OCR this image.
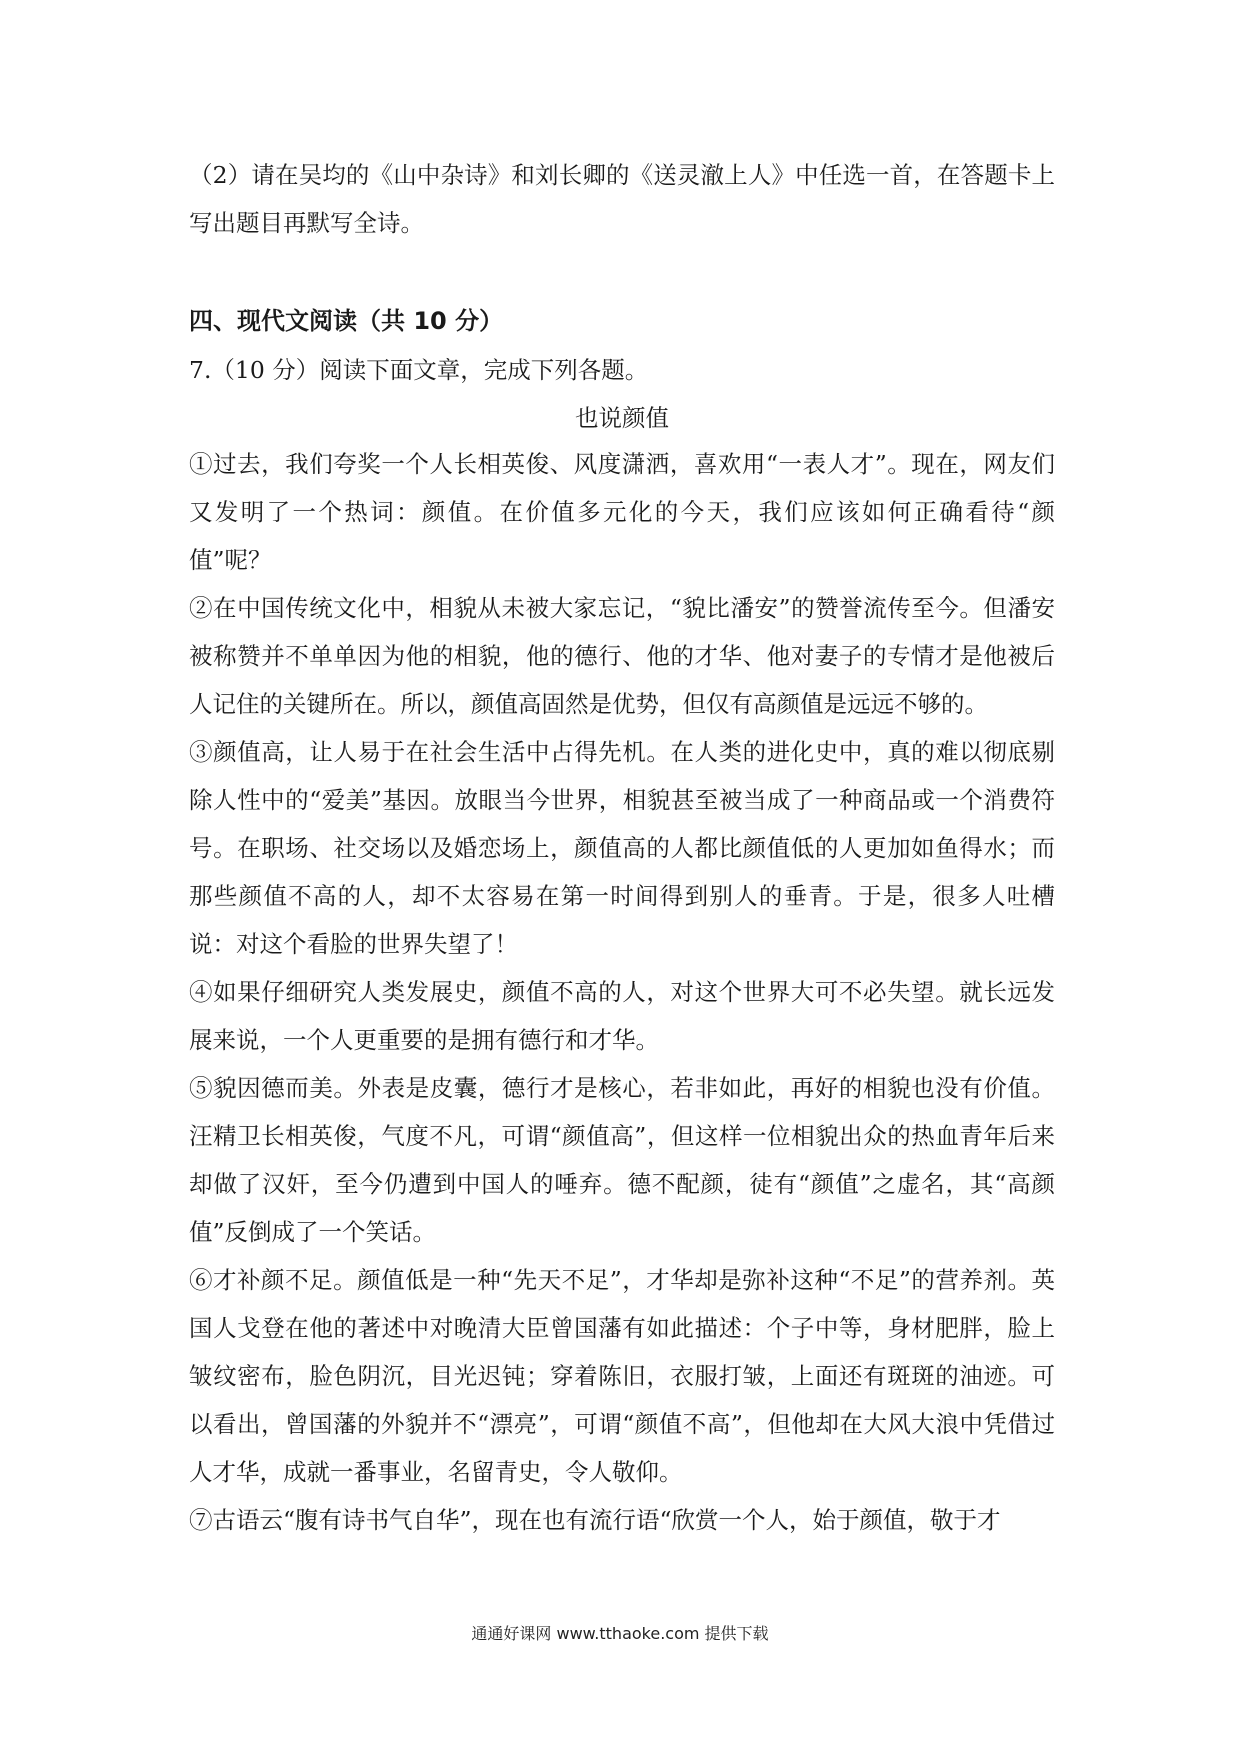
（2）请在吴均的《山中杂诗》和刘长卿的《送灵澈上人》中任选一首，在答题卡上写出题目再默写全诗。

四、现代文阅读（共 10 分）

7.（10 分）阅读下面文章，完成下列各题。

也说颜值

①过去，我们夸奖一个人长相英俊、风度潇洒，喜欢用“一表人才”。现在，网友们又发明了一个热词：颜值。在价值多元化的今天，我们应该如何正确看待“颜值”呢？

②在中国传统文化中，相貌从未被大家忘记，“貌比潘安”的赞誉流传至今。但潘安被称赞并不单单因为他的相貌，他的德行、他的才华、他对妻子的专情才是他被后人记住的关键所在。所以，颜值高固然是优势，但仅有高颜值是远远不够的。

③颜值高，让人易于在社会生活中占得先机。在人类的进化史中，真的难以彻底剔除人性中的“爱美”基因。放眼当今世界，相貌甚至被当成了一种商品或一个消费符号。在职场、社交场以及婚恋场上，颜值高的人都比颜值低的人更加如鱼得水；而那些颜值不高的人，却不太容易在第一时间得到别人的垂青。于是，很多人吐槽说：对这个看脸的世界失望了！

④如果仔细研究人类发展史，颜值不高的人，对这个世界大可不必失望。就长远发展来说，一个人更重要的是拥有德行和才华。

⑤貌因德而美。外表是皮囊，德行才是核心，若非如此，再好的相貌也没有价值。汪精卫长相英俊，气度不凡，可谓“颜值高”，但这样一位相貌出众的热血青年后来却做了汉奸，至今仍遭到中国人的唾弃。德不配颜，徒有“颜值”之虚名，其“高颜值”反倒成了一个笑话。

⑥才补颜不足。颜值低是一种“先天不足”，才华却是弥补这种“不足”的营养剂。英国人戈登在他的著述中对晚清大臣曾国藩有如此描述：个子中等，身材肥胖，脸上皱纹密布，脸色阴沉，目光迟钝；穿着陈旧，衣服打皱，上面还有斑斑的油迹。可以看出，曾国藩的外貌并不“漂亮”，可谓“颜值不高”，但他却在大风大浪中凭借过人才华，成就一番事业，名留青史，令人敬仰。

⑦古语云“腹有诗书气自华”，现在也有流行语“欣赏一个人，始于颜值，敬于才

通通好课网 www.tthaoke.com 提供下载
